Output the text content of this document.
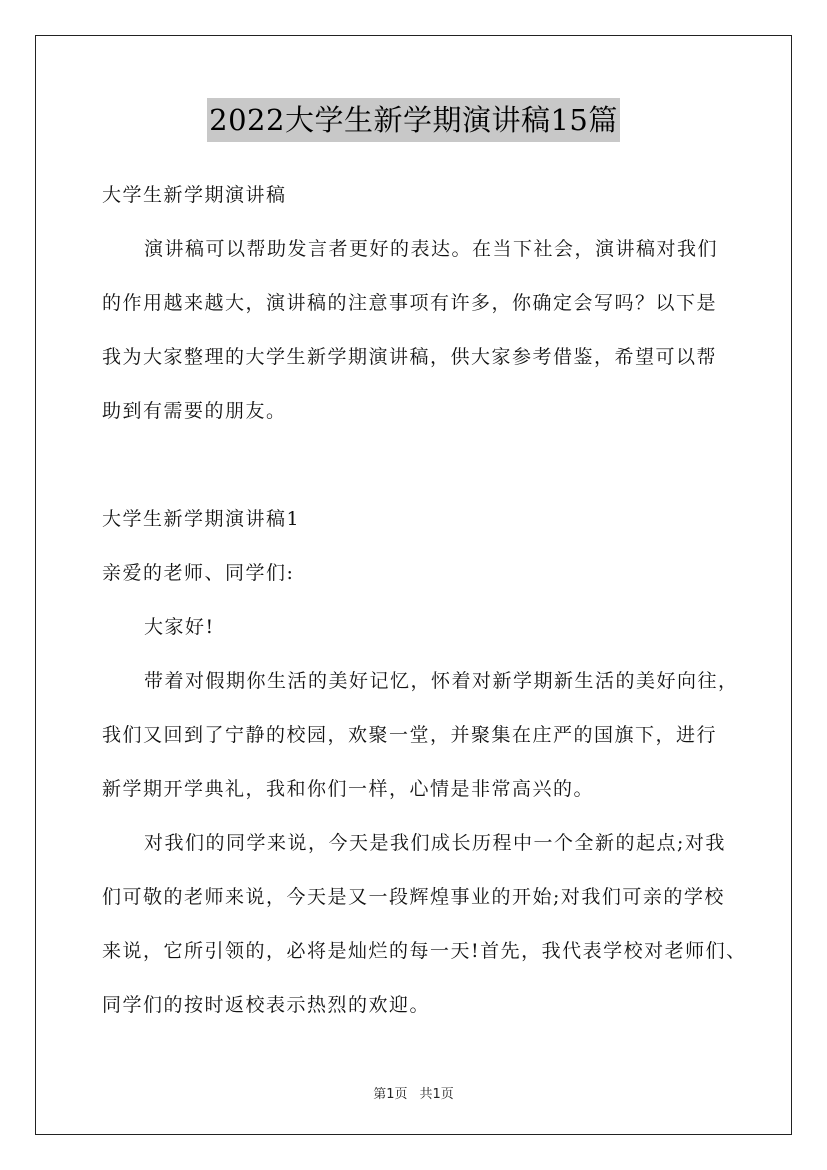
2022大学生新学期演讲稿15篇
大学生新学期演讲稿
演讲稿可以帮助发言者更好的表达。在当下社会，演讲稿对我们
的作用越来越大，演讲稿的注意事项有许多，你确定会写吗？以下是
我为大家整理的大学生新学期演讲稿，供大家参考借鉴，希望可以帮
助到有需要的朋友。
大学生新学期演讲稿1
亲爱的老师、同学们:
大家好!
带着对假期你生活的美好记忆，怀着对新学期新生活的美好向往，
我们又回到了宁静的校园，欢聚一堂，并聚集在庄严的国旗下，进行
新学期开学典礼，我和你们一样，心情是非常高兴的。
对我们的同学来说，今天是我们成长历程中一个全新的起点;对我
们可敬的老师来说，今天是又一段辉煌事业的开始;对我们可亲的学校
来说，它所引领的，必将是灿烂的每一天!首先，我代表学校对老师们、
同学们的按时返校表示热烈的欢迎。
第1页 共1页
